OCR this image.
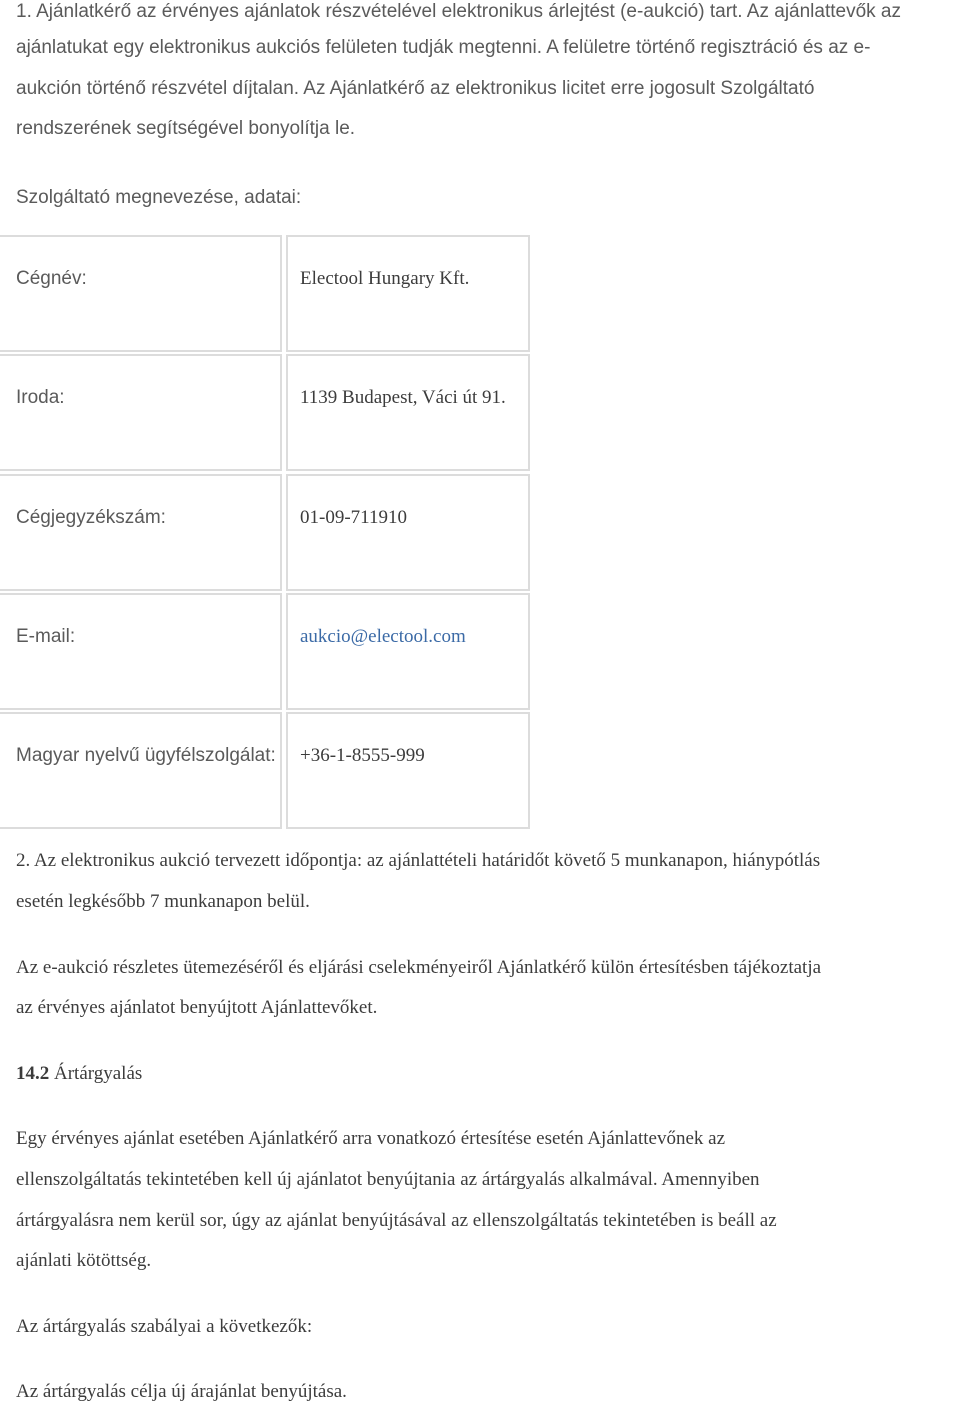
1. Ajánlatkérő az érvényes ajánlatok részvételével elektronikus árlejtést (e-aukció) tart. Az ajánlattevők az
ajánlatukat egy elektronikus aukciós felületen tudják megtenni. A felületre történő regisztráció és az e-
aukción történő részvétel díjtalan. Az Ajánlatkérő az elektronikus licitet erre jogosult Szolgáltató
rendszerének segítségével bonyolítja le.
Szolgáltató megnevezése, adatai:
Cégnév:	Electool Hungary Kft.
Iroda:	1139 Budapest, Váci út 91.
Cégjegyzékszám:	01-09-711910
E-mail:	aukcio@electool.com
Magyar nyelvű ügyfélszolgálat: +36-1-8555-999
2. Az elektronikus aukció tervezett időpontja: az ajánlattételi határidőt követő 5 munkanapon, hiánypótlás
esetén legkésőbb 7 munkanapon belül.
Az e-aukció részletes ütemezéséről és eljárási cselekményeiről Ajánlatkérő külön értesítésben tájékoztatja
az érvényes ajánlatot benyújtott Ajánlattevőket.
14.2 Ártárgyalás
Egy érvényes ajánlat esetében Ajánlatkérő arra vonatkozó értesítése esetén Ajánlattevőnek az
ellenszolgáltatás tekintetében kell új ajánlatot benyújtania az ártárgyalás alkalmával. Amennyiben
ártárgyalásra nem kerül sor, úgy az ajánlat benyújtásával az ellenszolgáltatás tekintetében is beáll az
ajánlati kötöttség.
Az ártárgyalás szabályai a következők:
Az ártárgyalás célja új árajánlat benyújtása.
